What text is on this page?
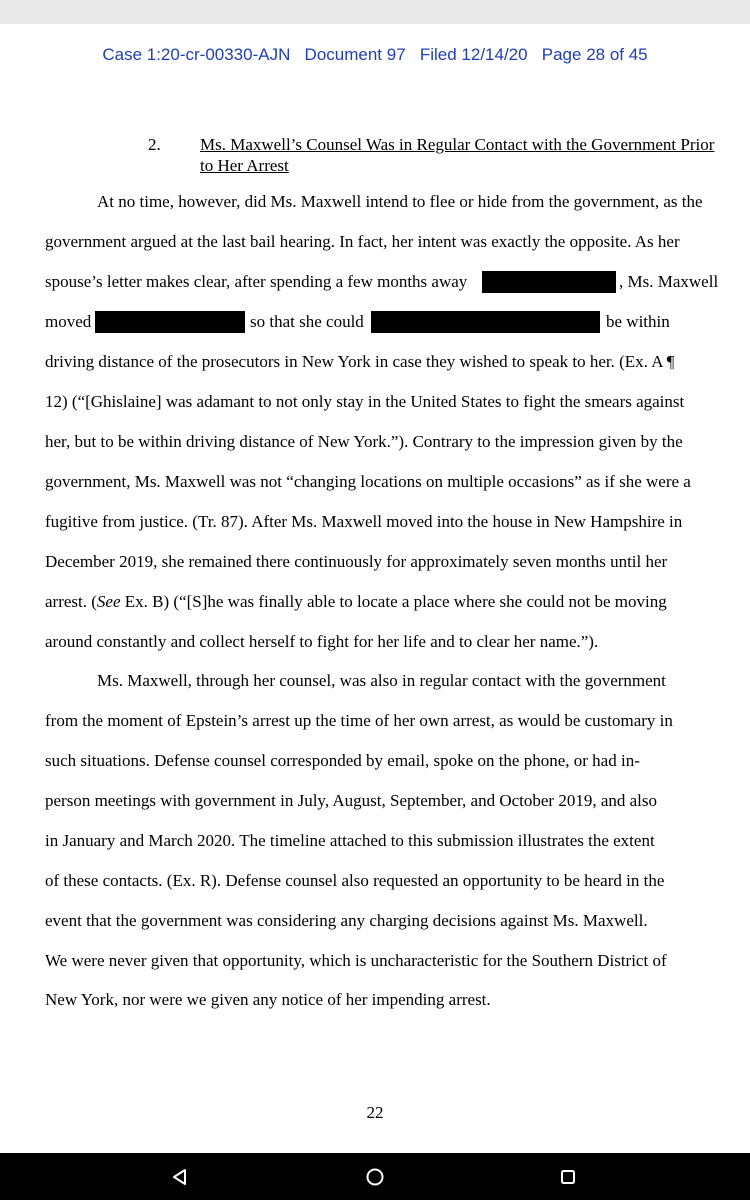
Case 1:20-cr-00330-AJN Document 97 Filed 12/14/20 Page 28 of 45
2. Ms. Maxwell’s Counsel Was in Regular Contact with the Government Prior to Her Arrest
At no time, however, did Ms. Maxwell intend to flee or hide from the government, as the
government argued at the last bail hearing. In fact, her intent was exactly the opposite. As her
spouse’s letter makes clear, after spending a few months away	, Ms. Maxwell
moved	so that she could	be within
driving distance of the prosecutors in New York in case they wished to speak to her. (Ex. A ¶
12) (“[Ghislaine] was adamant to not only stay in the United States to fight the smears against
her, but to be within driving distance of New York.”). Contrary to the impression given by the
government, Ms. Maxwell was not “changing locations on multiple occasions” as if she were a
fugitive from justice. (Tr. 87). After Ms. Maxwell moved into the house in New Hampshire in
December 2019, she remained there continuously for approximately seven months until her
arrest. (See Ex. B) (“[S]he was finally able to locate a place where she could not be moving
around constantly and collect herself to fight for her life and to clear her name.”).
Ms. Maxwell, through her counsel, was also in regular contact with the government
from the moment of Epstein’s arrest up the time of her own arrest, as would be customary in
such situations. Defense counsel corresponded by email, spoke on the phone, or had in-
person meetings with government in July, August, September, and October 2019, and also
in January and March 2020. The timeline attached to this submission illustrates the extent
of these contacts. (Ex. R). Defense counsel also requested an opportunity to be heard in the
event that the government was considering any charging decisions against Ms. Maxwell.
We were never given that opportunity, which is uncharacteristic for the Southern District of
New York, nor were we given any notice of her impending arrest.
22
